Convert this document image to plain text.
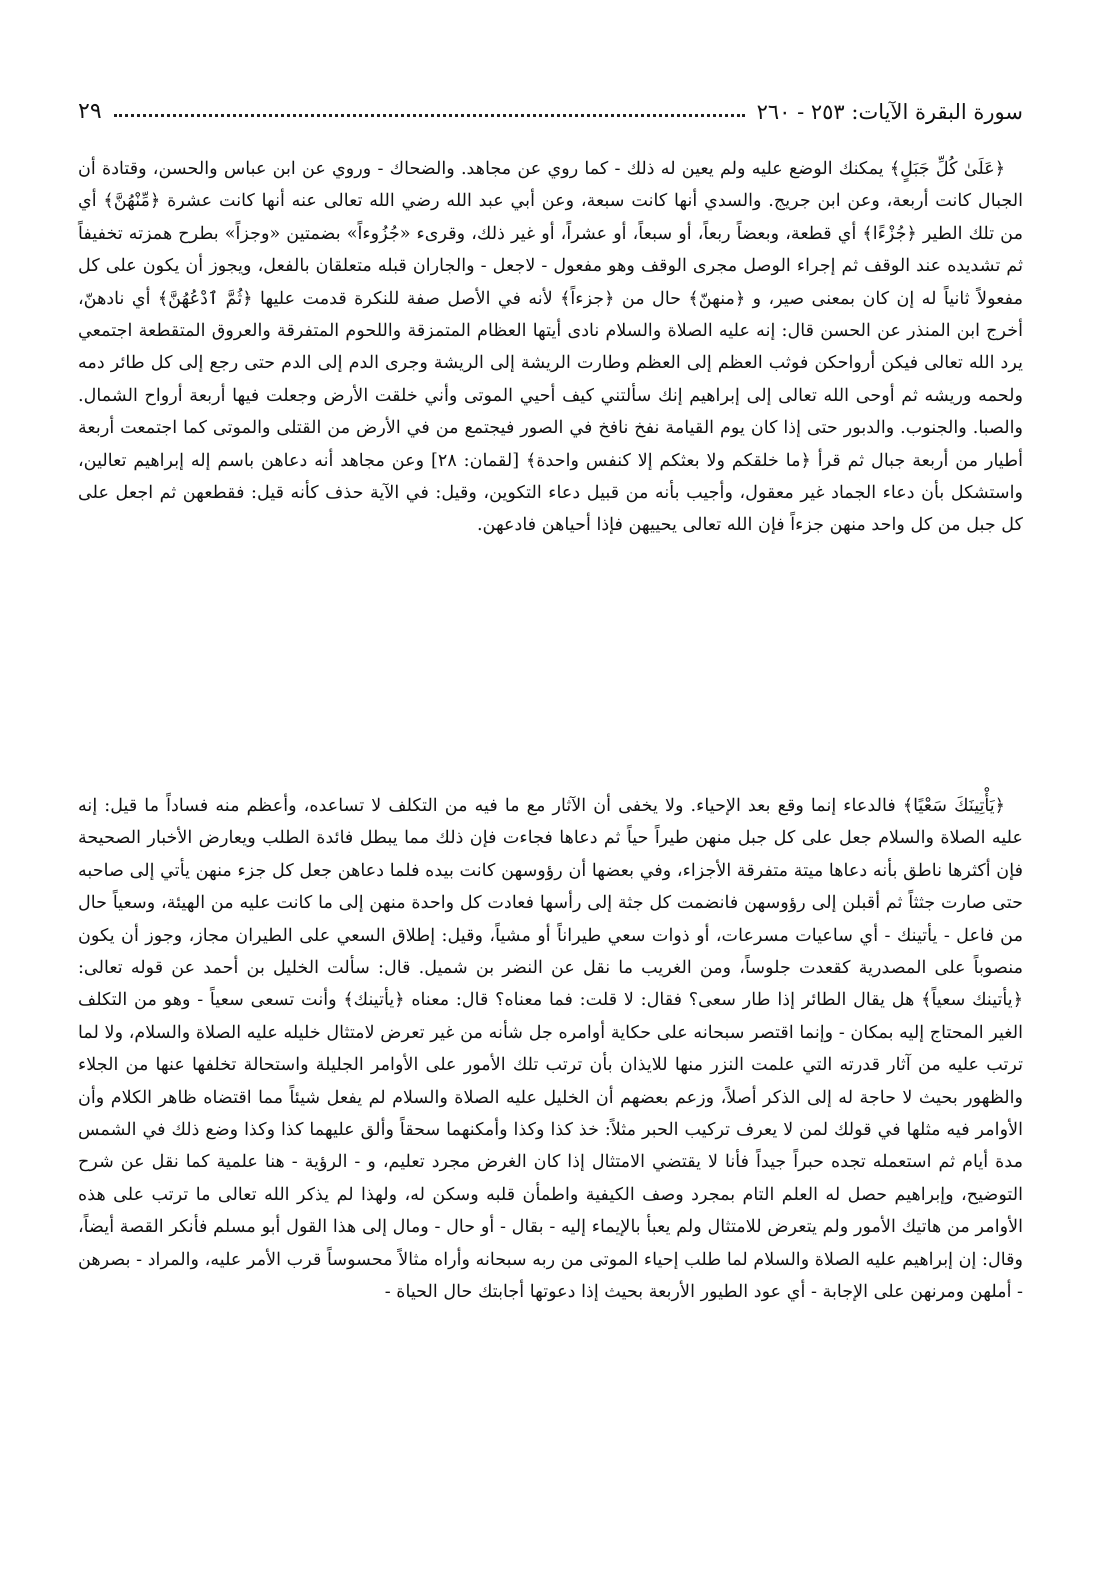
سورة البقرة الآيات: ٢٥٣ - ٢٦٠
٢٩

﴿عَلَىٰ كُلِّ جَبَلٍ﴾ يمكنك الوضع عليه ولم يعين له ذلك - كما روي عن مجاهد. والضحاك - وروي عن ابن عباس والحسن، وقتادة أن الجبال كانت أربعة، وعن ابن جريج. والسدي أنها كانت سبعة، وعن أبي عبد الله رضي الله تعالى عنه أنها كانت عشرة ﴿مِّنْهُنَّ﴾ أي من تلك الطير ﴿جُزْءًا﴾ أي قطعة، وبعضاً ربعاً، أو سبعاً، أو عشراً، أو غير ذلك، وقرىء «جُزُوءاً» بضمتين «وجزاً» بطرح همزته تخفيفاً ثم تشديده عند الوقف ثم إجراء الوصل مجرى الوقف وهو مفعول - لاجعل - والجاران قبله متعلقان بالفعل، ويجوز أن يكون على كل مفعولاً ثانياً له إن كان بمعنى صير، و ﴿منهنّ﴾ حال من ﴿جزءاً﴾ لأنه في الأصل صفة للنكرة قدمت عليها ﴿ثُمَّ ٱدْعُهُنَّ﴾ أي نادهنّ، أخرج ابن المنذر عن الحسن قال: إنه عليه الصلاة والسلام نادى أيتها العظام المتمزقة واللحوم المتفرقة والعروق المتقطعة اجتمعي يرد الله تعالى فيكن أرواحكن فوثب العظم إلى العظم وطارت الريشة إلى الريشة وجرى الدم إلى الدم حتى رجع إلى كل طائر دمه ولحمه وريشه ثم أوحى الله تعالى إلى إبراهيم إنك سألتني كيف أحيي الموتى وأني خلقت الأرض وجعلت فيها أربعة أرواح الشمال. والصبا. والجنوب. والدبور حتى إذا كان يوم القيامة نفخ نافخ في الصور فيجتمع من في الأرض من القتلى والموتى كما اجتمعت أربعة أطيار من أربعة جبال ثم قرأ ﴿ما خلقكم ولا بعثكم إلا كنفس واحدة﴾ [لقمان: ٢٨] وعن مجاهد أنه دعاهن باسم إله إبراهيم تعالين، واستشكل بأن دعاء الجماد غير معقول، وأجيب بأنه من قبيل دعاء التكوين، وقيل: في الآية حذف كأنه قيل: فقطعهن ثم اجعل على كل جبل من كل واحد منهن جزءاً فإن الله تعالى يحييهن فإذا أحياهن فادعهن.

﴿يَأْتِينَكَ سَعْيًا﴾ فالدعاء إنما وقع بعد الإحياء. ولا يخفى أن الآثار مع ما فيه من التكلف لا تساعده، وأعظم منه فساداً ما قيل: إنه عليه الصلاة والسلام جعل على كل جبل منهن طيراً حياً ثم دعاها فجاءت فإن ذلك مما يبطل فائدة الطلب ويعارض الأخبار الصحيحة فإن أكثرها ناطق بأنه دعاها ميتة متفرقة الأجزاء، وفي بعضها أن رؤوسهن كانت بيده فلما دعاهن جعل كل جزء منهن يأتي إلى صاحبه حتى صارت جثثاً ثم أقبلن إلى رؤوسهن فانضمت كل جثة إلى رأسها فعادت كل واحدة منهن إلى ما كانت عليه من الهيئة، وسعياً حال من فاعل - يأتينك - أي ساعيات مسرعات، أو ذوات سعي طيراناً أو مشياً، وقيل: إطلاق السعي على الطيران مجاز، وجوز أن يكون منصوباً على المصدرية كقعدت جلوساً، ومن الغريب ما نقل عن النضر بن شميل. قال: سألت الخليل بن أحمد عن قوله تعالى: ﴿يأتينك سعياً﴾ هل يقال الطائر إذا طار سعى؟ فقال: لا قلت: فما معناه؟ قال: معناه ﴿يأتينك﴾ وأنت تسعى سعياً - وهو من التكلف الغير المحتاج إليه بمكان - وإنما اقتصر سبحانه على حكاية أوامره جل شأنه من غير تعرض لامتثال خليله عليه الصلاة والسلام، ولا لما ترتب عليه من آثار قدرته التي علمت النزر منها للايذان بأن ترتب تلك الأمور على الأوامر الجليلة واستحالة تخلفها عنها من الجلاء والظهور بحيث لا حاجة له إلى الذكر أصلاً، وزعم بعضهم أن الخليل عليه الصلاة والسلام لم يفعل شيئاً مما اقتضاه ظاهر الكلام وأن الأوامر فيه مثلها في قولك لمن لا يعرف تركيب الحبر مثلاً: خذ كذا وكذا وأمكنهما سحقاً وألق عليهما كذا وكذا وضع ذلك في الشمس مدة أيام ثم استعمله تجده حبراً جيداً فأنا لا يقتضي الامتثال إذا كان الغرض مجرد تعليم، و - الرؤية - هنا علمية كما نقل عن شرح التوضيح، وإبراهيم حصل له العلم التام بمجرد وصف الكيفية واطمأن قلبه وسكن له، ولهذا لم يذكر الله تعالى ما ترتب على هذه الأوامر من هاتيك الأمور ولم يتعرض للامتثال ولم يعبأ بالإيماء إليه - بقال - أو حال - ومال إلى هذا القول أبو مسلم فأنكر القصة أيضاً، وقال: إن إبراهيم عليه الصلاة والسلام لما طلب إحياء الموتى من ربه سبحانه وأراه مثالاً محسوساً قرب الأمر عليه، والمراد - بصرهن - أملهن ومرنهن على الإجابة - أي عود الطيور الأربعة بحيث إذا دعوتها أجابتك حال الحياة -
